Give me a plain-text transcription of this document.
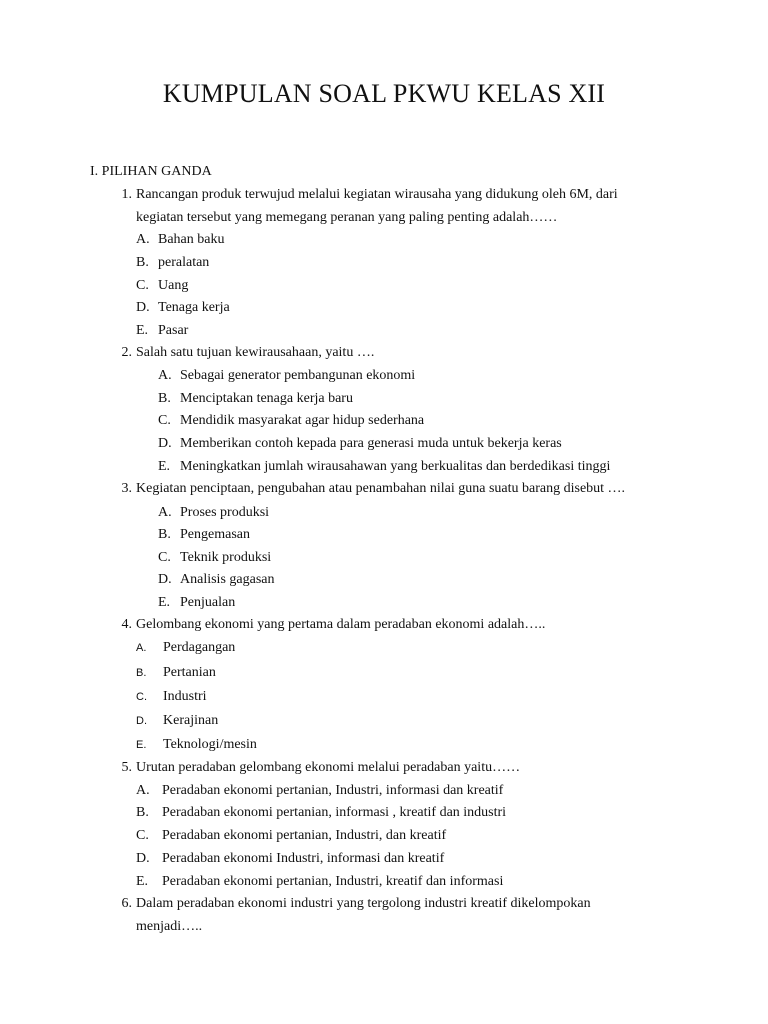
KUMPULAN SOAL PKWU KELAS XII
I. PILIHAN GANDA
1. Rancangan produk terwujud melalui kegiatan wirausaha yang didukung oleh 6M, dari kegiatan tersebut yang memegang peranan yang paling penting adalah……
A. Bahan baku
B. peralatan
C. Uang
D. Tenaga kerja
E. Pasar
2. Salah satu tujuan kewirausahaan, yaitu ….
A. Sebagai generator pembangunan ekonomi
B. Menciptakan tenaga kerja baru
C. Mendidik masyarakat agar hidup sederhana
D. Memberikan contoh kepada para generasi muda untuk bekerja keras
E. Meningkatkan jumlah wirausahawan yang berkualitas dan berdedikasi tinggi
3. Kegiatan penciptaan, pengubahan atau penambahan nilai guna suatu barang disebut ….
A. Proses produksi
B. Pengemasan
C. Teknik produksi
D. Analisis gagasan
E. Penjualan
4. Gelombang ekonomi yang pertama dalam peradaban ekonomi adalah…..
A. Perdagangan
B. Pertanian
C. Industri
D. Kerajinan
E. Teknologi/mesin
5. Urutan peradaban gelombang ekonomi melalui peradaban yaitu……
A. Peradaban ekonomi pertanian, Industri, informasi dan kreatif
B. Peradaban ekonomi pertanian, informasi , kreatif dan industri
C. Peradaban ekonomi pertanian, Industri, dan kreatif
D. Peradaban ekonomi Industri, informasi dan kreatif
E. Peradaban ekonomi pertanian, Industri, kreatif dan informasi
6. Dalam peradaban ekonomi industri yang tergolong industri kreatif dikelompokan menjadi…..
